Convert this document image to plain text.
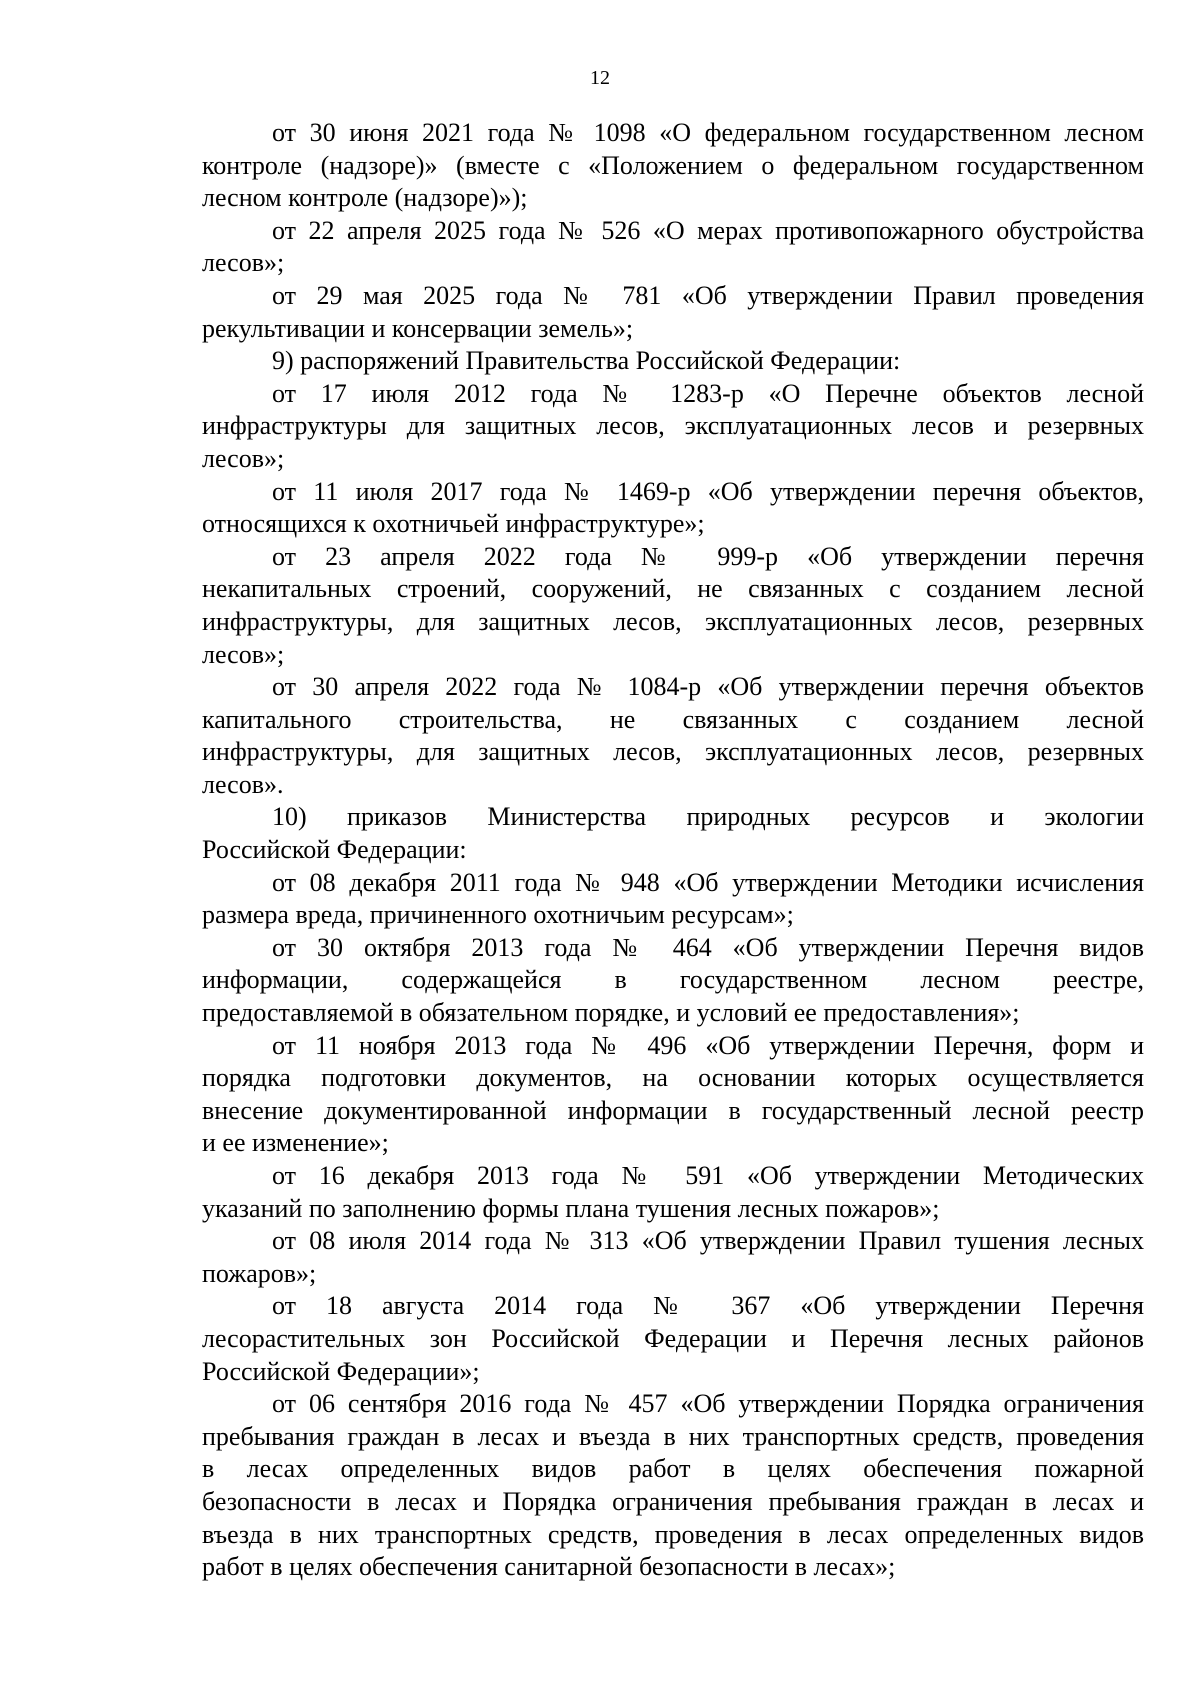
12
от 30 июня 2021 года № 1098 «О федеральном государственном лесном
контроле (надзоре)» (вместе с «Положением о федеральном государственном
лесном контроле (надзоре)»);
от 22 апреля 2025 года № 526 «О мерах противопожарного обустройства
лесов»;
от 29 мая 2025 года № 781 «Об утверждении Правил проведения
рекультивации и консервации земель»;
9) распоряжений Правительства Российской Федерации:
от 17 июля 2012 года № 1283-р «О Перечне объектов лесной
инфраструктуры для защитных лесов, эксплуатационных лесов и резервных
лесов»;
от 11 июля 2017 года № 1469-р «Об утверждении перечня объектов,
относящихся к охотничьей инфраструктуре»;
от 23 апреля 2022 года № 999-р «Об утверждении перечня
некапитальных строений, сооружений, не связанных с созданием лесной
инфраструктуры, для защитных лесов, эксплуатационных лесов, резервных
лесов»;
от 30 апреля 2022 года № 1084-р «Об утверждении перечня объектов
капитального строительства, не связанных с созданием лесной
инфраструктуры, для защитных лесов, эксплуатационных лесов, резервных
лесов».
10) приказов Министерства природных ресурсов и экологии
Российской Федерации:
от 08 декабря 2011 года № 948 «Об утверждении Методики исчисления
размера вреда, причиненного охотничьим ресурсам»;
от 30 октября 2013 года № 464 «Об утверждении Перечня видов
информации, содержащейся в государственном лесном реестре,
предоставляемой в обязательном порядке, и условий ее предоставления»;
от 11 ноября 2013 года № 496 «Об утверждении Перечня, форм и
порядка подготовки документов, на основании которых осуществляется
внесение документированной информации в государственный лесной реестр
и ее изменение»;
от 16 декабря 2013 года № 591 «Об утверждении Методических
указаний по заполнению формы плана тушения лесных пожаров»;
от 08 июля 2014 года № 313 «Об утверждении Правил тушения лесных
пожаров»;
от 18 августа 2014 года № 367 «Об утверждении Перечня
лесорастительных зон Российской Федерации и Перечня лесных районов
Российской Федерации»;
от 06 сентября 2016 года № 457 «Об утверждении Порядка ограничения
пребывания граждан в лесах и въезда в них транспортных средств, проведения
в лесах определенных видов работ в целях обеспечения пожарной
безопасности в лесах и Порядка ограничения пребывания граждан в лесах и
въезда в них транспортных средств, проведения в лесах определенных видов
работ в целях обеспечения санитарной безопасности в лесах»;
